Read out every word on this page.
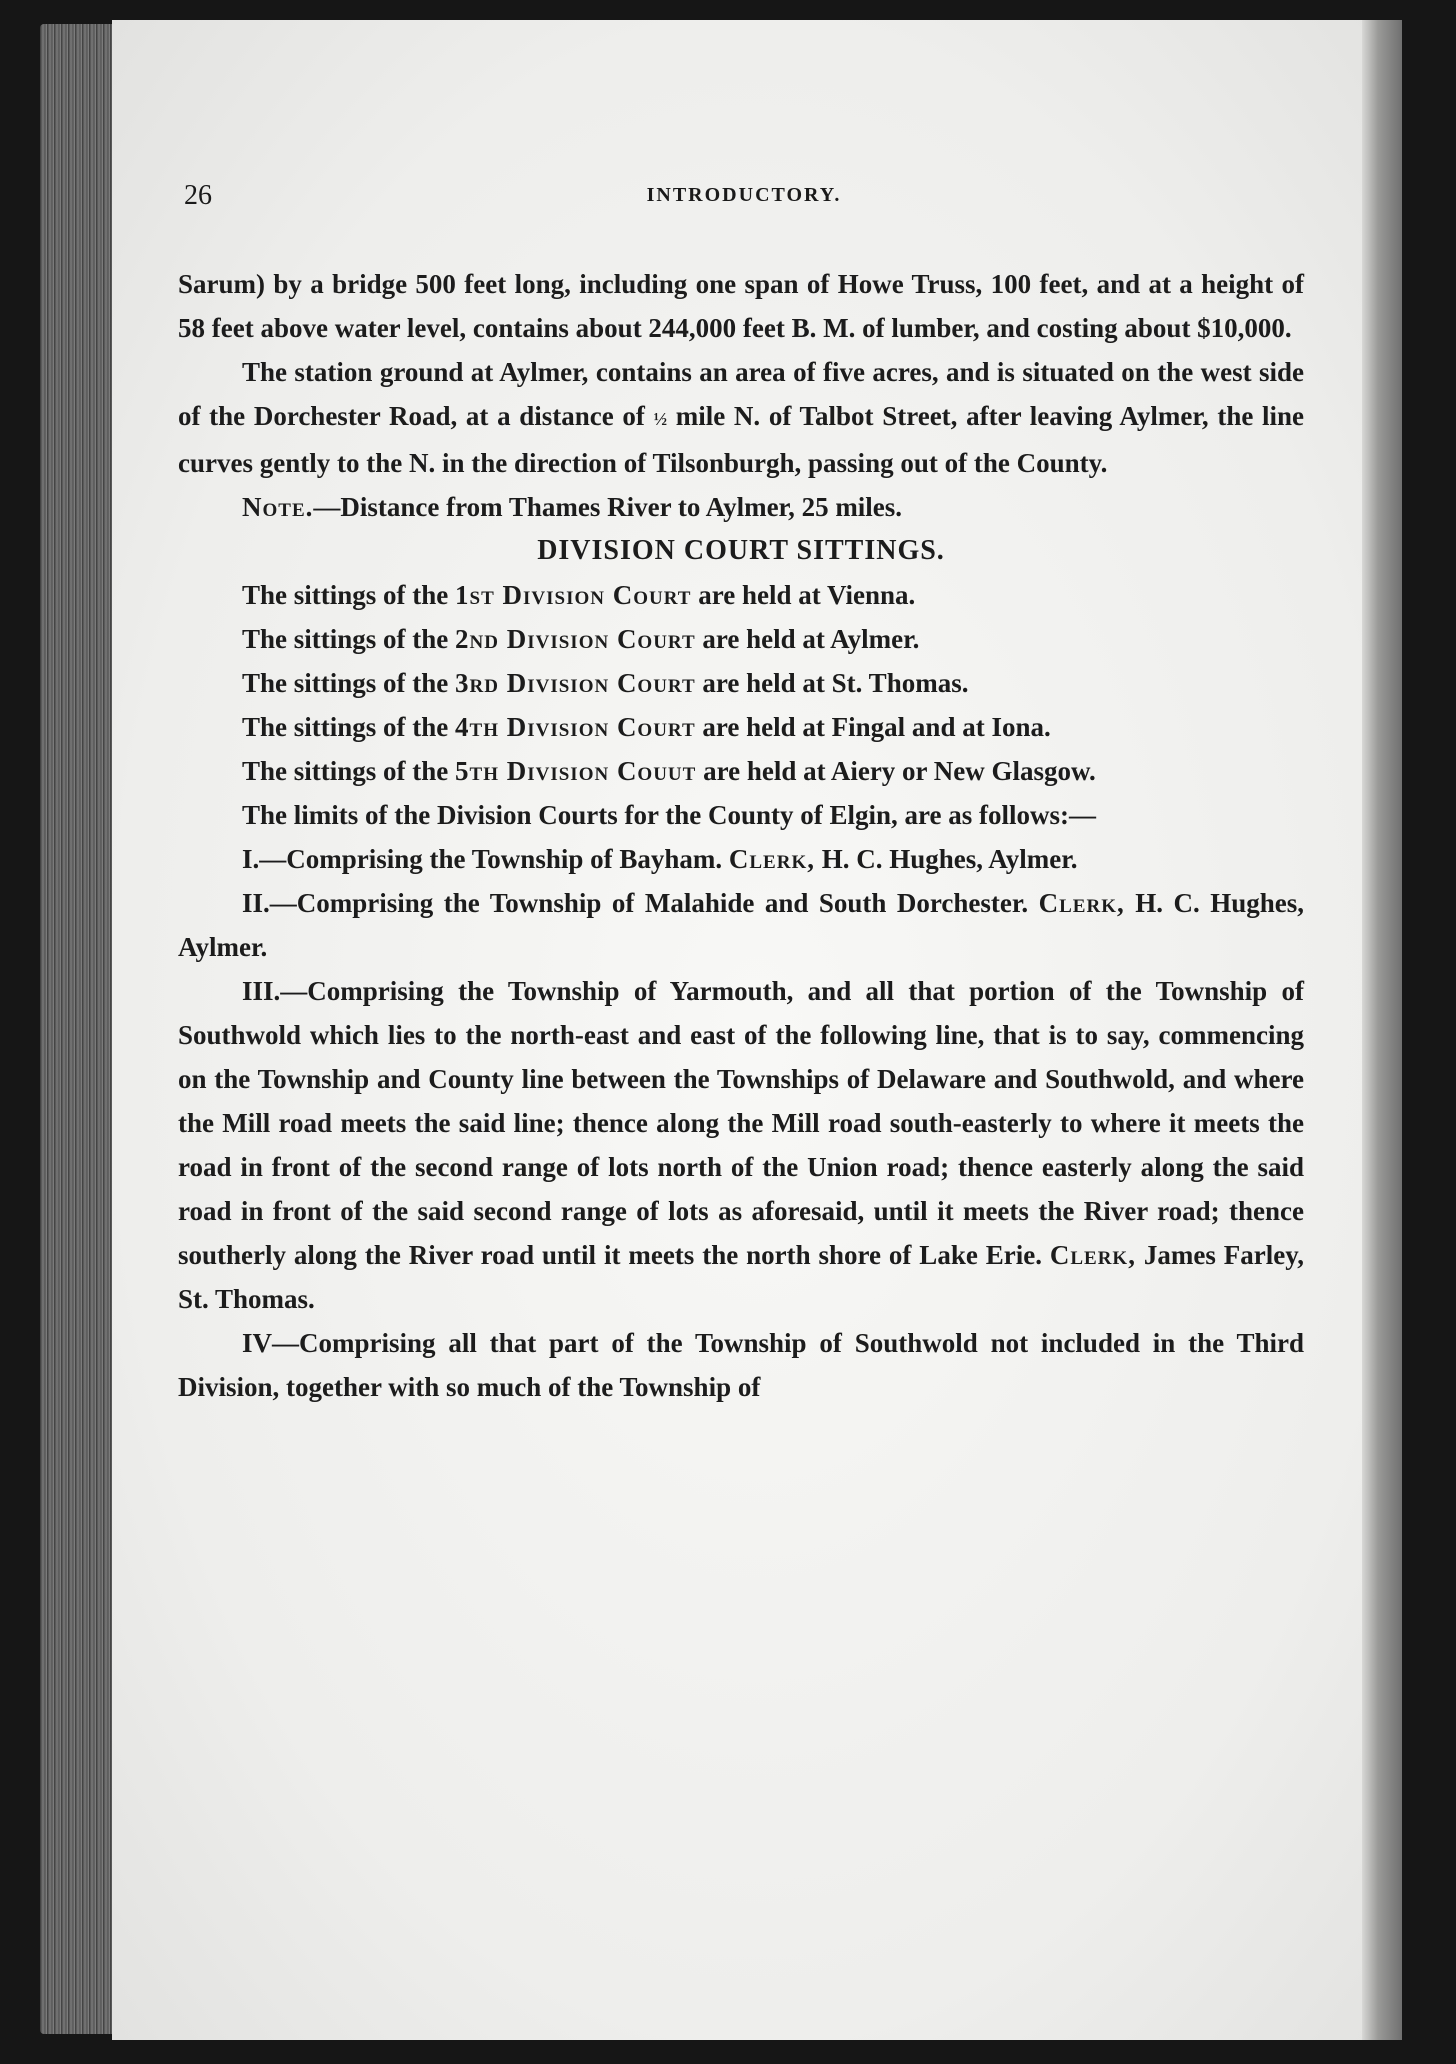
26	INTRODUCTORY.

Sarum) by a bridge 500 feet long, including one span of Howe Truss, 100 feet, and at a height of 58 feet above water level, contains about 244,000 feet B. M. of lumber, and costing about $10,000.

The station ground at Aylmer, contains an area of five acres, and is situated on the west side of the Dorchester Road, at a distance of ½ mile N. of Talbot Street, after leaving Aylmer, the line curves gently to the N. in the direction of Tilsonburgh, passing out of the County.

Note.—Distance from Thames River to Aylmer, 25 miles.

DIVISION COURT SITTINGS.

The sittings of the 1st Division Court are held at Vienna.

The sittings of the 2nd Division Court are held at Aylmer.

The sittings of the 3rd Division Court are held at St. Thomas.

The sittings of the 4th Division Court are held at Fingal and at Iona.

The sittings of the 5th Division Couut are held at Aiery or New Glasgow.

The limits of the Division Courts for the County of Elgin, are as follows:—

I.—Comprising the Township of Bayham. Clerk, H. C. Hughes, Aylmer.

II.—Comprising the Township of Malahide and South Dorchester. Clerk, H. C. Hughes, Aylmer.

III.—Comprising the Township of Yarmouth, and all that portion of the Township of Southwold which lies to the north-east and east of the following line, that is to say, commencing on the Township and County line between the Townships of Delaware and Southwold, and where the Mill road meets the said line; thence along the Mill road south-easterly to where it meets the road in front of the second range of lots north of the Union road; thence easterly along the said road in front of the said second range of lots as aforesaid, until it meets the River road; thence southerly along the River road until it meets the north shore of Lake Erie. Clerk, James Farley, St. Thomas.

IV—Comprising all that part of the Township of Southwold not included in the Third Division, together with so much of the Township of
